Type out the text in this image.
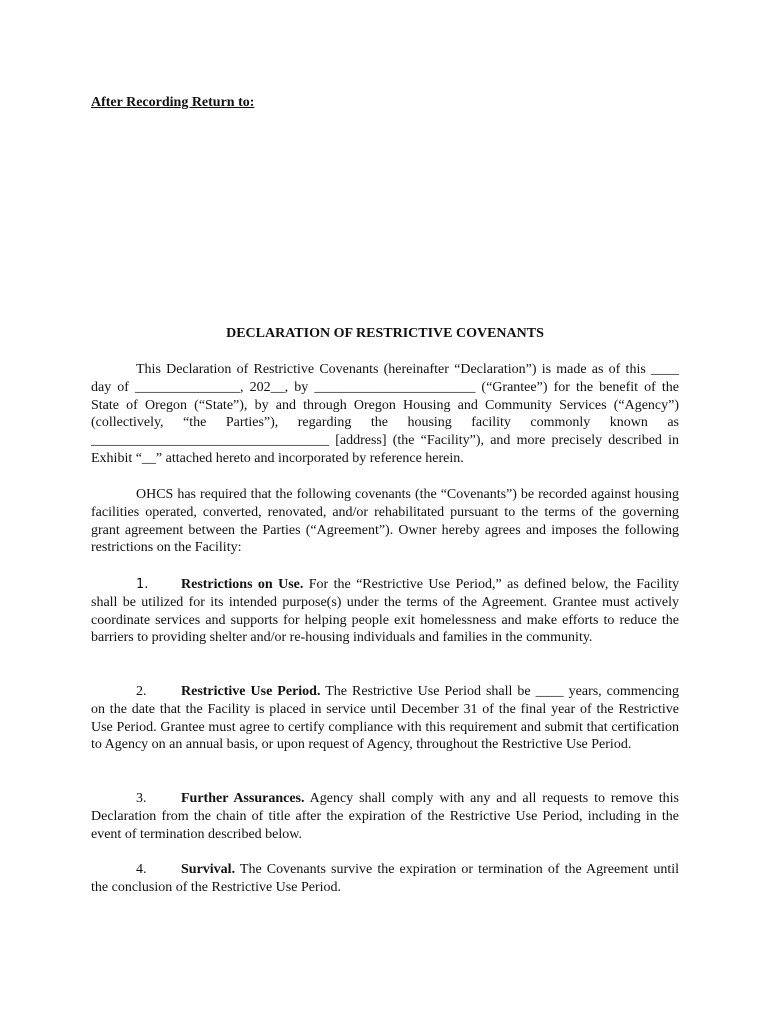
After Recording Return to:
DECLARATION OF RESTRICTIVE COVENANTS

This Declaration of Restrictive Covenants (hereinafter “Declaration”) is made as of this ____ day of _______________, 202__, by _______________________ (“Grantee”) for the benefit of the State of Oregon (“State”), by and through Oregon Housing and Community Services (“Agency”)(collectively, “the Parties”), regarding the housing facility commonly known as __________________________________ [address] (the “Facility”), and more precisely described in Exhibit “__” attached hereto and incorporated by reference herein.

OHCS has required that the following covenants (the “Covenants”) be recorded against housing facilities operated, converted, renovated, and/or rehabilitated pursuant to the terms of the governing grant agreement between the Parties (“Agreement”). Owner hereby agrees and imposes the following restrictions on the Facility:

1. Restrictions on Use. For the “Restrictive Use Period,” as defined below, the Facility shall be utilized for its intended purpose(s) under the terms of the Agreement. Grantee must actively coordinate services and supports for helping people exit homelessness and make efforts to reduce the barriers to providing shelter and/or re-housing individuals and families in the community.

2. Restrictive Use Period. The Restrictive Use Period shall be ____ years, commencing on the date that the Facility is placed in service until December 31 of the final year of the Restrictive Use Period. Grantee must agree to certify compliance with this requirement and submit that certification to Agency on an annual basis, or upon request of Agency, throughout the Restrictive Use Period.

3. Further Assurances. Agency shall comply with any and all requests to remove this Declaration from the chain of title after the expiration of the Restrictive Use Period, including in the event of termination described below.

4. Survival. The Covenants survive the expiration or termination of the Agreement until the conclusion of the Restrictive Use Period.
